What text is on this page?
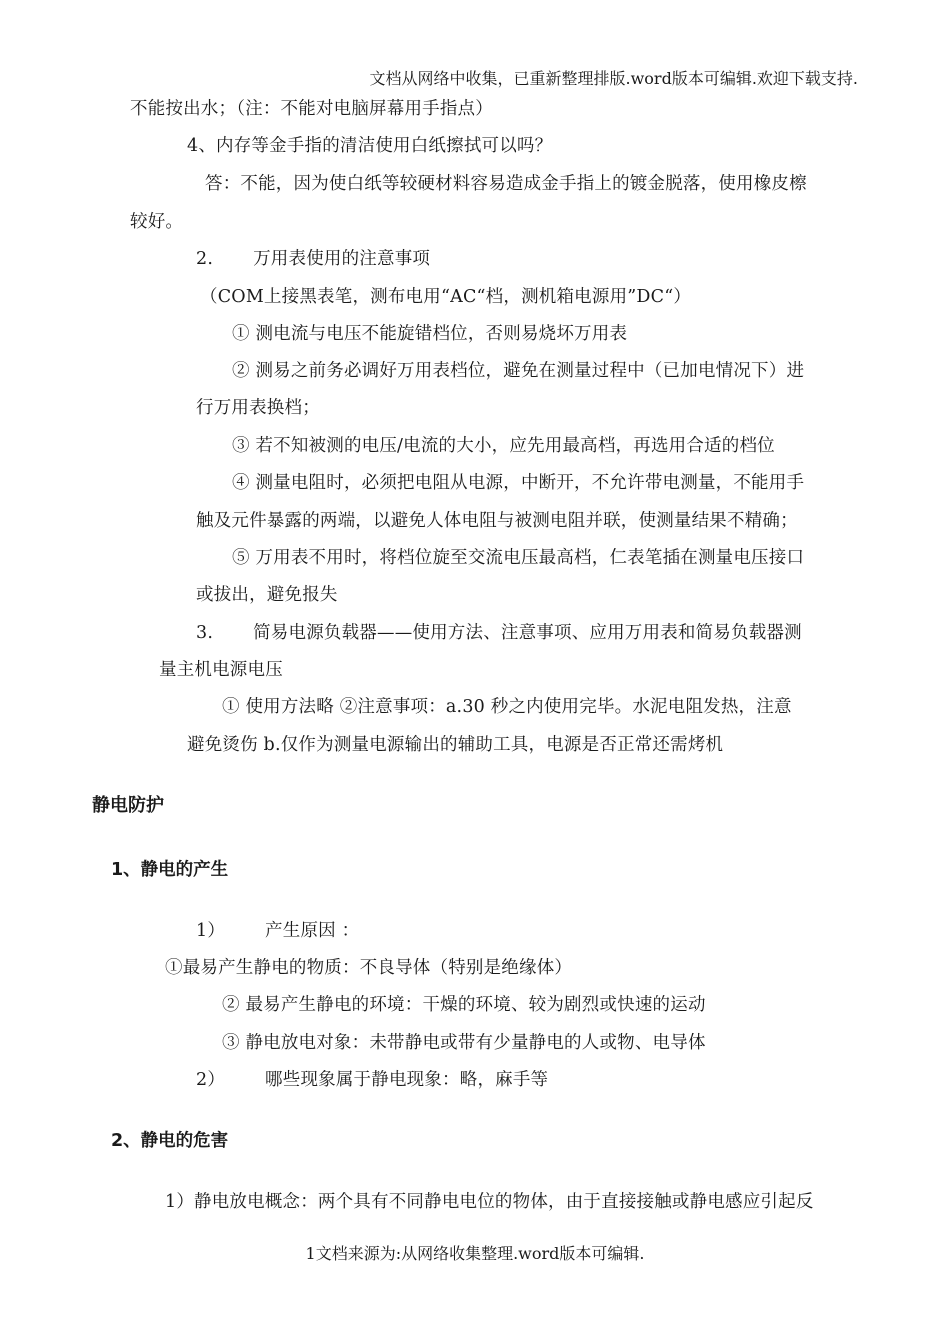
文档从网络中收集，已重新整理排版.word版本可编辑.欢迎下载支持.
不能按出水；（注：不能对电脑屏幕用手指点）
4、内存等金手指的清洁使用白纸擦拭可以吗？
答：不能，因为使白纸等较硬材料容易造成金手指上的镀金脱落，使用橡皮檫
较好。
2. 万用表使用的注意事项
（COM上接黑表笔，测布电用“AC“档，测机箱电源用”DC“）
① 测电流与电压不能旋错档位，否则易烧坏万用表
② 测易之前务必调好万用表档位，避免在测量过程中（已加电情况下）进
行万用表换档；
③ 若不知被测的电压/电流的大小，应先用最高档，再选用合适的档位
④ 测量电阻时，必须把电阻从电源，中断开，不允许带电测量，不能用手
触及元件暴露的两端，以避免人体电阻与被测电阻并联，使测量结果不精确；
⑤ 万用表不用时，将档位旋至交流电压最高档，仁表笔插在测量电压接口
或拔出，避免报失
3. 简易电源负载器——使用方法、注意事项、应用万用表和简易负载器测
量主机电源电压
① 使用方法略 ②注意事项：a.30 秒之内使用完毕。水泥电阻发热，注意
避免烫伤 b.仅作为测量电源输出的辅助工具，电源是否正常还需烤机
静电防护
1、静电的产生
1） 产生原因 ：
①最易产生静电的物质：不良导体（特别是绝缘体）
② 最易产生静电的环境：干燥的环境、较为剧烈或快速的运动
③ 静电放电对象：未带静电或带有少量静电的人或物、电导体
2） 哪些现象属于静电现象：略，麻手等
2、静电的危害
1）静电放电概念：两个具有不同静电电位的物体，由于直接接触或静电感应引起反
1文档来源为:从网络收集整理.word版本可编辑.
